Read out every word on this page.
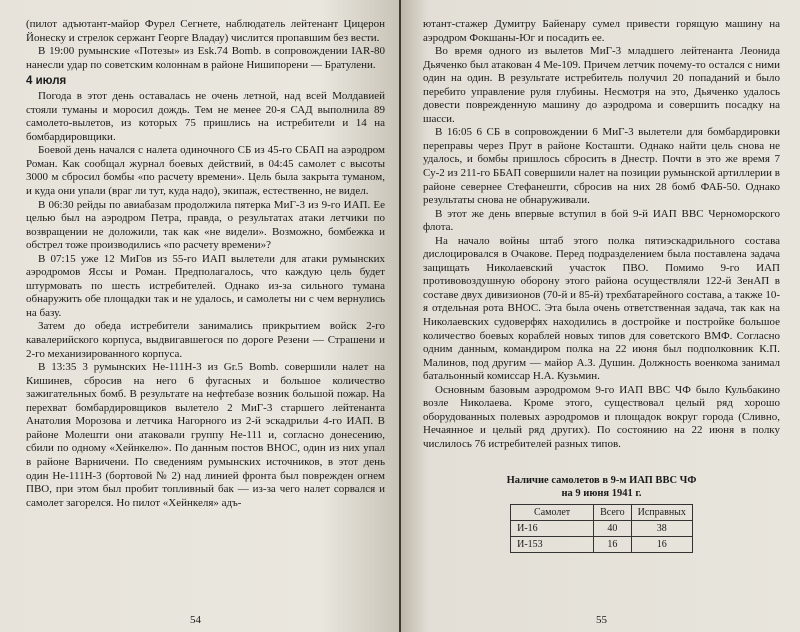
(пилот адъютант-майор Фурел Сегнете, наблюдатель лейтенант Цицерон Йонеску и стрелок сержант Георге Владау) числится пропавшим без вести.

В 19:00 румынские «Потезы» из Esk.74 Bomb. в сопровождении IAR-80 нанесли удар по советским колоннам в районе Нишипорени — Братулени.

4 июля

Погода в этот день оставалась не очень летной, над всей Молдавией стояли туманы и моросил дождь. Тем не менее 20-я САД выполнила 89 самолето-вылетов, из которых 75 пришлись на истребители и 14 на бомбардировщики.

Боевой день начался с налета одиночного СБ из 45-го СБАП на аэродром Роман. Как сообщал журнал боевых действий, в 04:45 самолет с высоты 3000 м сбросил бомбы «по расчету времени». Цель была закрыта туманом, и куда они упали (враг ли тут, куда надо), экипаж, естественно, не видел.

В 06:30 рейды по авиабазам продолжила пятерка МиГ-3 из 9-го ИАП. Ее целью был на аэродром Петра, правда, о результатах атаки летчики по возвращении не доложили, так как «не видели». Возможно, бомбежка и обстрел тоже производились «по расчету времени»?

В 07:15 уже 12 МиГов из 55-го ИАП вылетели для атаки румынских аэродромов Яссы и Роман. Предполагалось, что каждую цель будет штурмовать по шесть истребителей. Однако из-за сильного тумана обнаружить обе площадки так и не удалось, и самолеты ни с чем вернулись на базу.

Затем до обеда истребители занимались прикрытием войск 2-го кавалерийского корпуса, выдвигавшегося по дороге Резени — Страшени и 2-го механизированного корпуса.

В 13:35 3 румынских Не-111Н-3 из Gr.5 Bomb. совершили налет на Кишинев, сбросив на него 6 фугасных и большое количество зажигательных бомб. В результате на нефтебазе возник большой пожар. На перехват бомбардировщиков вылетело 2 МиГ-3 старшего лейтенанта Анатолия Морозова и летчика Нагорного из 2-й эскадрильи 4-го ИАП. В районе Молешти они атаковали группу Не-111 и, согласно донесению, сбили по одному «Хейнкелю». По данным постов ВНОС, один из них упал в районе Варничени. По сведениям румынских источников, в этот день один Не-111Н-3 (бортовой № 2) над линией фронта был поврежден огнем ПВО, при этом был пробит топливный бак — из-за чего налет сорвался и самолет загорелся. Но пилот «Хейнкеля» адъ-

54

ютант-стажер Думитру Байенару сумел привести горящую машину на аэродром Фокшаны-Юг и посадить ее.

Во время одного из вылетов МиГ-3 младшего лейтенанта Леонида Дьяченко был атакован 4 Ме-109. Причем летчик почему-то остался с ними один на один. В результате истребитель получил 20 попаданий и было перебито управление руля глубины. Несмотря на это, Дьяченко удалось довести поврежденную машину до аэродрома и совершить посадку на шасси.

В 16:05 6 СБ в сопровождении 6 МиГ-3 вылетели для бомбардировки переправы через Прут в районе Косташти. Однако найти цель снова не удалось, и бомбы пришлось сбросить в Днестр. Почти в это же время 7 Су-2 из 211-го ББАП совершили налет на позиции румынской артиллерии в районе севернее Стефанешти, сбросив на них 28 бомб ФАБ-50. Однако результаты снова не обнаруживали.

В этот же день впервые вступил в бой 9-й ИАП ВВС Черноморского флота.

На начало войны штаб этого полка пятиэскадрильного состава дислоцировался в Очакове. Перед подразделением была поставлена задача защищать Николаевский участок ПВО. Помимо 9-го ИАП противовоздушную оборону этого района осуществляли 122-й ЗенАП в составе двух дивизионов (70-й и 85-й) трехбатарейного состава, а также 10-я отдельная рота ВНОС. Эта была очень ответственная задача, так как на Николаевских судоверфях находились в достройке и постройке большое количество боевых кораблей новых типов для советского ВМФ. Согласно одним данным, командиром полка на 22 июня был подполковник К.П. Малинов, под другим — майор А.З. Душин. Должность военкома занимал батальонный комиссар Н.А. Кузьмин.

Основным базовым аэродромом 9-го ИАП ВВС ЧФ было Кульбакино возле Николаева. Кроме этого, существовал целый ряд хорошо оборудованных полевых аэродромов и площадок вокруг города (Сливно, Нечаянное и целый ряд других). По состоянию на 22 июня в полку числилось 76 истребителей разных типов.

Наличие самолетов в 9-м ИАП ВВС ЧФ
на 9 июня 1941 г.
Самолет	Всего	Исправных
И-16	40	38
И-153	16	16
55
